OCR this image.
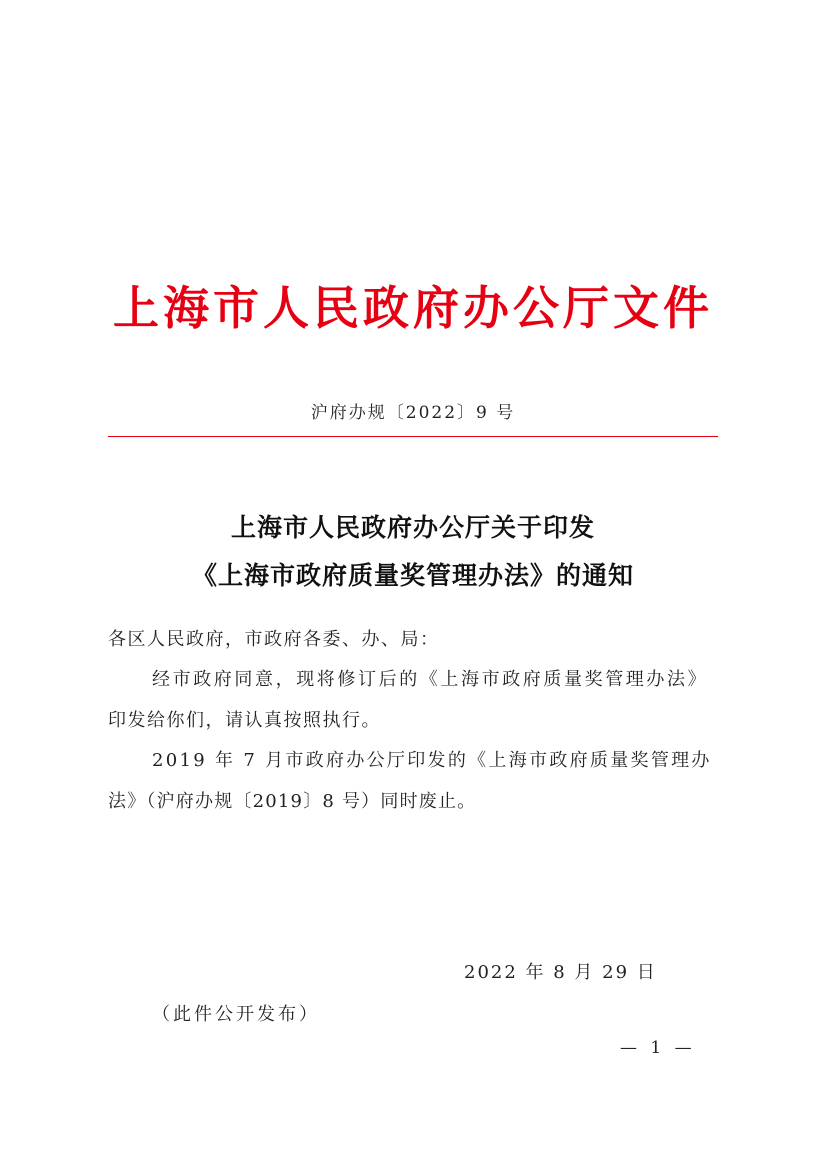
上海市人民政府办公厅文件
沪府办规〔2022〕9 号
上海市人民政府办公厅关于印发
《上海市政府质量奖管理办法》的通知
各区人民政府，市政府各委、办、局：
经市政府同意，现将修订后的《上海市政府质量奖管理办法》
印发给你们，请认真按照执行。
2019 年 7 月市政府办公厅印发的《上海市政府质量奖管理办
法》（沪府办规〔2019〕8 号）同时废止。
2022 年 8 月 29 日
（此件公开发布）
— 1 —
